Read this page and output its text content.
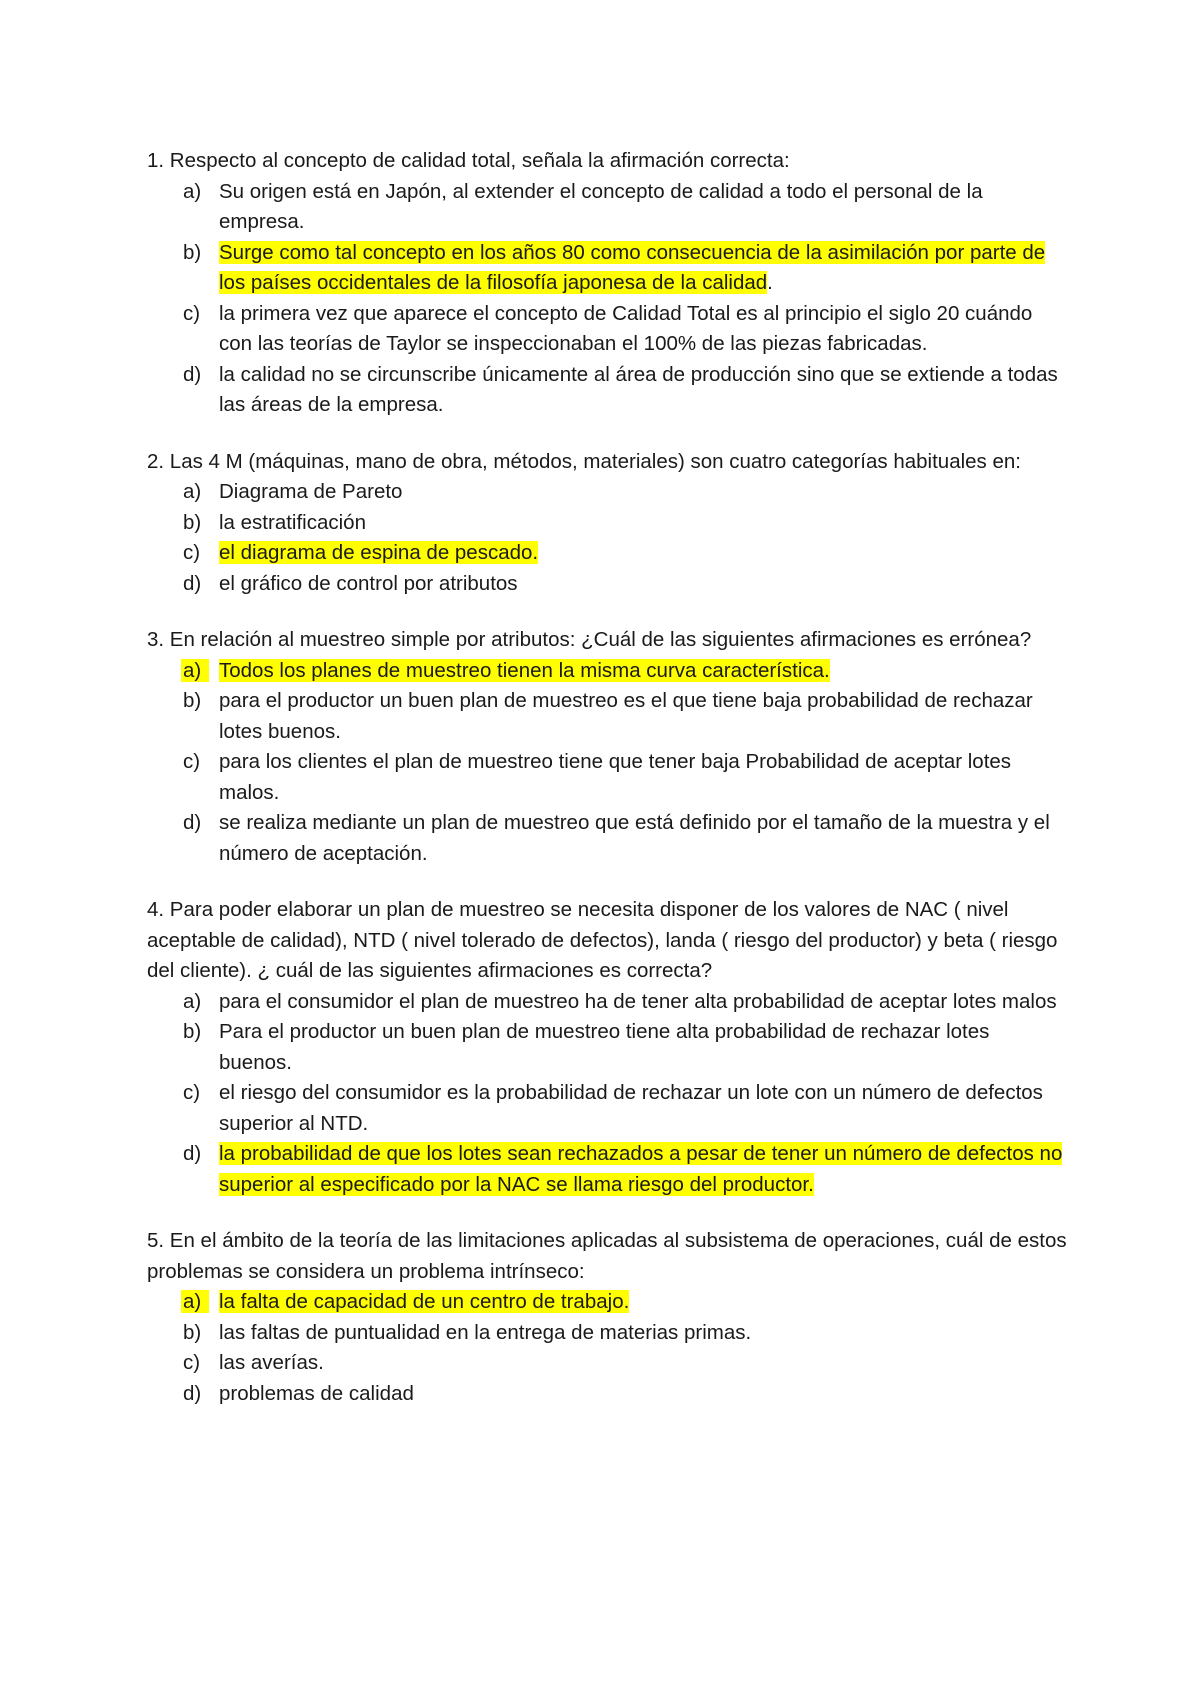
1. Respecto al concepto de calidad total, señala la afirmación correcta:

a) Su origen está en Japón, al extender el concepto de calidad a todo el personal de la empresa.
b) Surge como tal concepto en los años 80 como consecuencia de la asimilación por parte de los países occidentales de la filosofía japonesa de la calidad.
c) la primera vez que aparece el concepto de Calidad Total es al principio el siglo 20 cuándo con las teorías de Taylor se inspeccionaban el 100% de las piezas fabricadas.
d) la calidad no se circunscribe únicamente al área de producción sino que se extiende a todas las áreas de la empresa.

2. Las 4 M (máquinas, mano de obra, métodos, materiales) son cuatro categorías habituales en:

a) Diagrama de Pareto
b) la estratificación
c) el diagrama de espina de pescado.
d) el gráfico de control por atributos

3. En relación al muestreo simple por atributos: ¿Cuál de las siguientes afirmaciones es errónea?

a) Todos los planes de muestreo tienen la misma curva característica.
b) para el productor un buen plan de muestreo es el que tiene baja probabilidad de rechazar lotes buenos.
c) para los clientes el plan de muestreo tiene que tener baja Probabilidad de aceptar lotes malos.
d) se realiza mediante un plan de muestreo que está definido por el tamaño de la muestra y el número de aceptación.

4. Para poder elaborar un plan de muestreo se necesita disponer de los valores de NAC ( nivel aceptable de calidad), NTD ( nivel tolerado de defectos), landa ( riesgo del productor) y beta ( riesgo del cliente). ¿ cuál de las siguientes afirmaciones es correcta?

a) para el consumidor el plan de muestreo ha de tener alta probabilidad de aceptar lotes malos
b) Para el productor un buen plan de muestreo tiene alta probabilidad de rechazar lotes buenos.
c) el riesgo del consumidor es la probabilidad de rechazar un lote con un número de defectos superior al NTD.
d) la probabilidad de que los lotes sean rechazados a pesar de tener un número de defectos no superior al especificado por la NAC se llama riesgo del productor.

5. En el ámbito de la teoría de las limitaciones aplicadas al subsistema de operaciones, cuál de estos problemas se considera un problema intrínseco:

a) la falta de capacidad de un centro de trabajo.
b) las faltas de puntualidad en la entrega de materias primas.
c) las averías.
d) problemas de calidad
